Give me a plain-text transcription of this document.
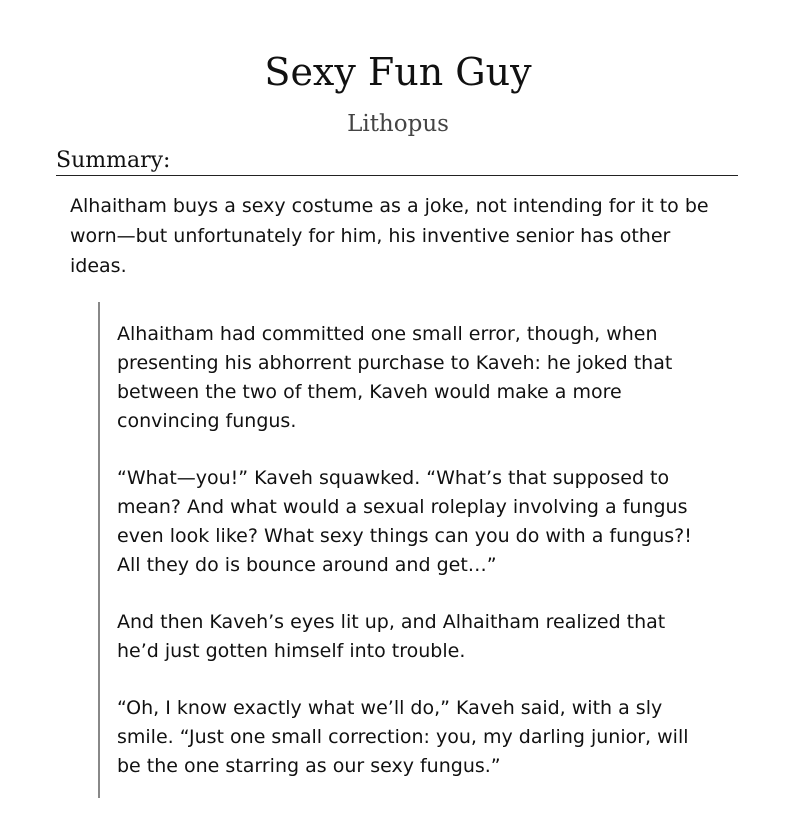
Sexy Fun Guy
Lithopus
Summary:

Alhaitham buys a sexy costume as a joke, not intending for it to be worn—but unfortunately for him, his inventive senior has other ideas.

Alhaitham had committed one small error, though, when presenting his abhorrent purchase to Kaveh: he joked that between the two of them, Kaveh would make a more convincing fungus.

“What—you!” Kaveh squawked. “What’s that supposed to mean? And what would a sexual roleplay involving a fungus even look like? What sexy things can you do with a fungus?! All they do is bounce around and get…”

And then Kaveh’s eyes lit up, and Alhaitham realized that he’d just gotten himself into trouble.

“Oh, I know exactly what we’ll do,” Kaveh said, with a sly smile. “Just one small correction: you, my darling junior, will be the one starring as our sexy fungus.”
